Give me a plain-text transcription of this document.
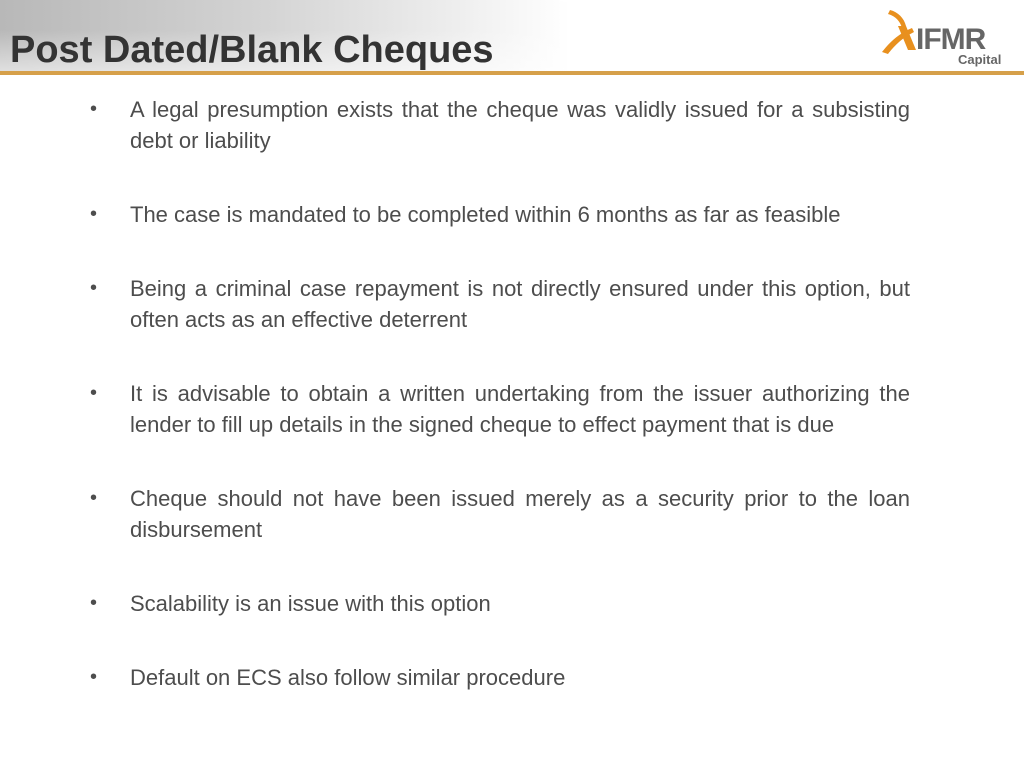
Post Dated/Blank Cheques	IFMR
Capital
• A legal presumption exists that the cheque was validly issued for a subsisting debt or liability
• The case is mandated to be completed within 6 months as far as feasible
• Being a criminal case repayment is not directly ensured under this option, but often acts as an effective deterrent
• It is advisable to obtain a written undertaking from the issuer authorizing the lender to fill up details in the signed cheque to effect payment that is due
• Cheque should not have been issued merely as a security prior to the loan disbursement
• Scalability is an issue with this option
• Default on ECS also follow similar procedure
